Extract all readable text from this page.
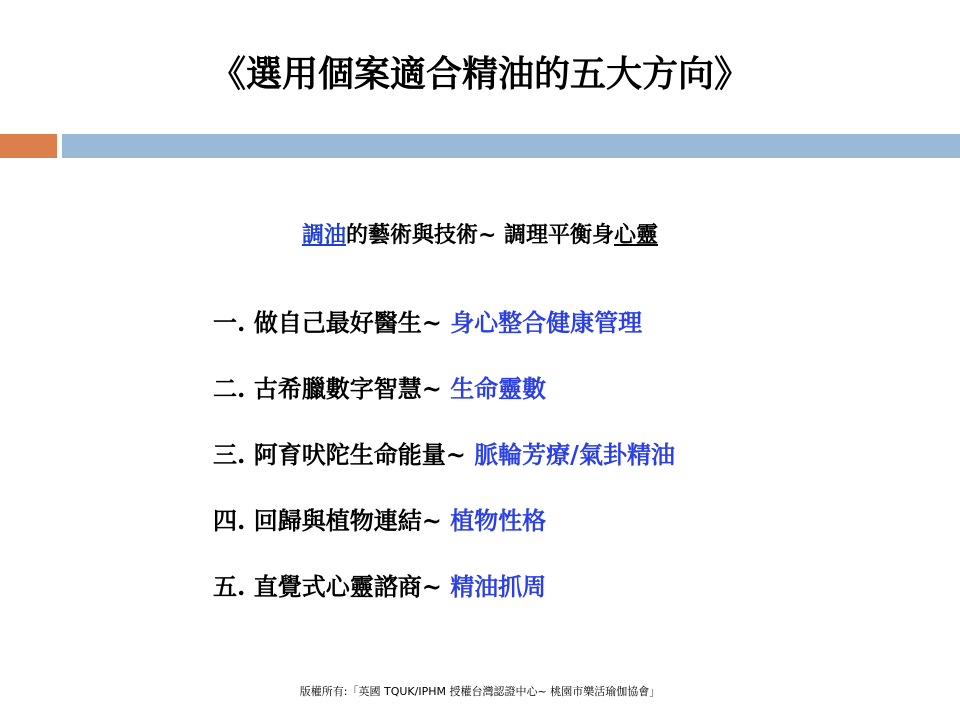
《選用個案適合精油的五大方向》
調油的藝術與技術~ 調理平衡身心靈
一. 做自己最好醫生~ 身心整合健康管理
二. 古希臘數字智慧~ 生命靈數
三. 阿育吠陀生命能量~ 脈輪芳療/氣卦精油
四. 回歸與植物連結~ 植物性格
五. 直覺式心靈諮商~ 精油抓周
版權所有:「英國 TQUK/IPHM 授權台灣認證中心~ 桃園市樂活瑜伽協會」
